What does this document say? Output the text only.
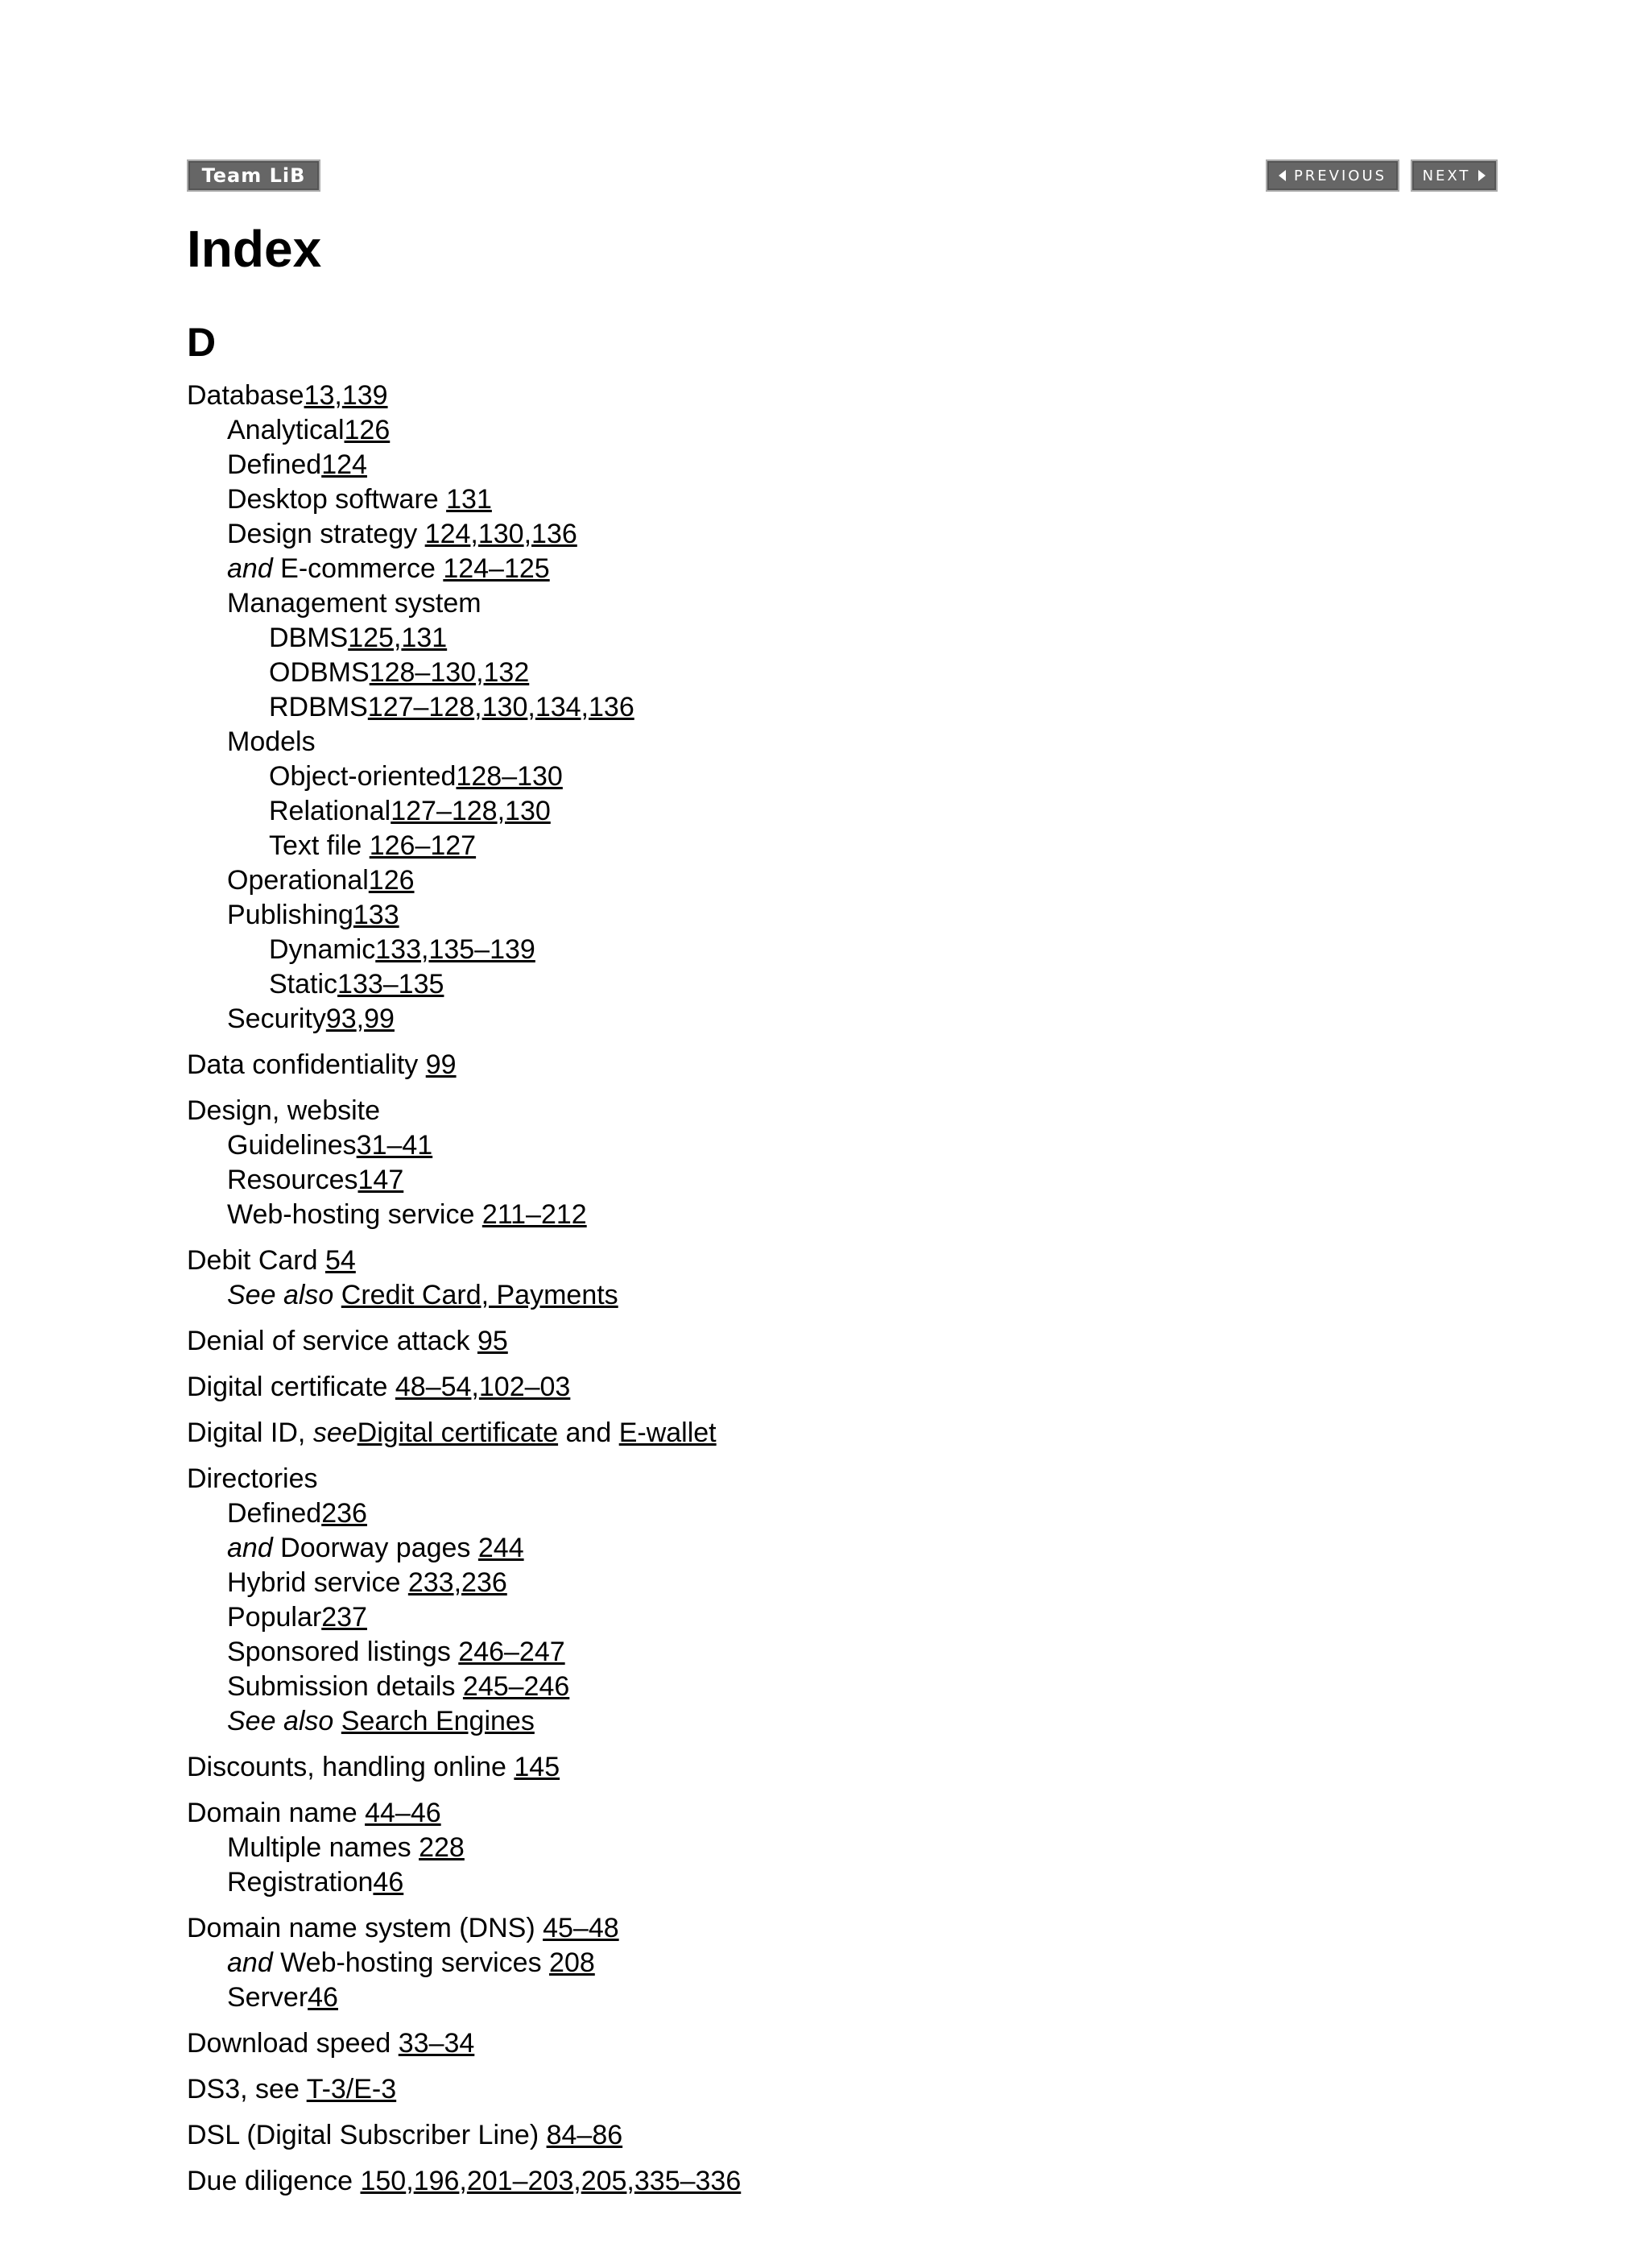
Team LiB	PREVIOUS NEXT
Index
D
Database13,139
Analytical126
Defined124
Desktop software 131
Design strategy 124,130,136
and E-commerce 124–125
Management system
DBMS125,131
ODBMS128–130,132
RDBMS127–128,130,134,136
Models
Object-oriented128–130
Relational127–128,130
Text file 126–127
Operational126
Publishing133
Dynamic133,135–139
Static133–135
Security93,99
Data confidentiality 99
Design, website
Guidelines31–41
Resources147
Web-hosting service 211–212
Debit Card 54
See also Credit Card, Payments
Denial of service attack 95
Digital certificate 48–54,102–03
Digital ID, seeDigital certificate and E-wallet
Directories
Defined236
and Doorway pages 244
Hybrid service 233,236
Popular237
Sponsored listings 246–247
Submission details 245–246
See also Search Engines
Discounts, handling online 145
Domain name 44–46
Multiple names 228
Registration46
Domain name system (DNS) 45–48
and Web-hosting services 208
Server46
Download speed 33–34
DS3, see T-3/E-3
DSL (Digital Subscriber Line) 84–86
Due diligence 150,196,201–203,205,335–336
